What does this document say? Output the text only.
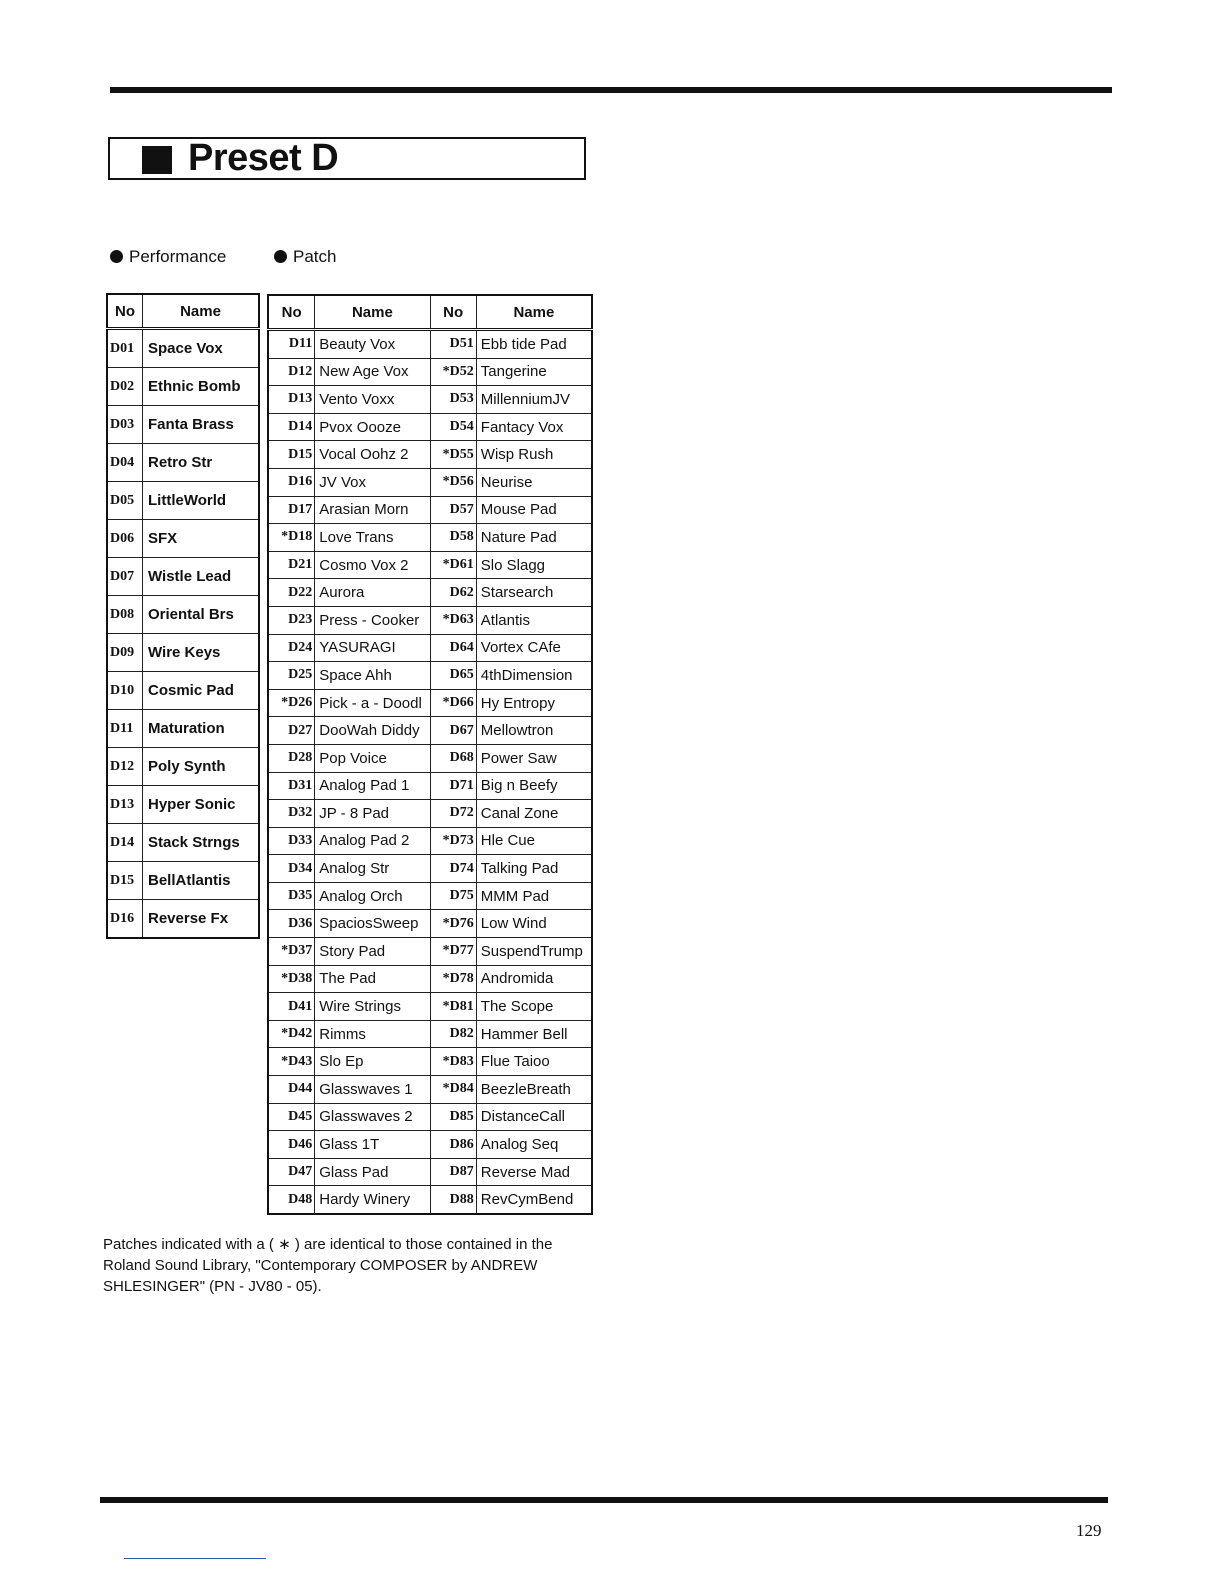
Preset D
Performance	Patch
No	Name
D01	Space Vox
D02	Ethnic Bomb
D03	Fanta Brass
D04	Retro Str
D05	LittleWorld
D06	SFX
D07	Wistle Lead
D08	Oriental Brs
D09	Wire Keys
D10	Cosmic Pad
D11	Maturation
D12	Poly Synth
D13	Hyper Sonic
D14	Stack Strngs
D15	BellAtlantis
D16	Reverse Fx
No	Name	No	Name
D11	Beauty Vox	D51	Ebb tide Pad
D12	New Age Vox	*D52	Tangerine
D13	Vento Voxx	D53	MillenniumJV
D14	Pvox Oooze	D54	Fantacy Vox
D15	Vocal Oohz 2	*D55	Wisp Rush
D16	JV Vox	*D56	Neurise
D17	Arasian Morn	D57	Mouse Pad
*D18	Love Trans	D58	Nature Pad
D21	Cosmo Vox 2	*D61	Slo Slagg
D22	Aurora	D62	Starsearch
D23	Press - Cooker	*D63	Atlantis
D24	YASURAGI	D64	Vortex CAfe
D25	Space Ahh	D65	4thDimension
*D26	Pick - a - Doodl	*D66	Hy Entropy
D27	DooWah Diddy	D67	Mellowtron
D28	Pop Voice	D68	Power Saw
D31	Analog Pad 1	D71	Big n Beefy
D32	JP - 8 Pad	D72	Canal Zone
D33	Analog Pad 2	*D73	Hle Cue
D34	Analog Str	D74	Talking Pad
D35	Analog Orch	D75	MMM Pad
D36	SpaciosSweep	*D76	Low Wind
*D37	Story Pad	*D77	SuspendTrump
*D38	The Pad	*D78	Andromida
D41	Wire Strings	*D81	The Scope
*D42	Rimms	D82	Hammer Bell
*D43	Slo Ep	*D83	Flue Taioo
D44	Glasswaves 1	*D84	BeezleBreath
D45	Glasswaves 2	D85	DistanceCall
D46	Glass 1T	D86	Analog Seq
D47	Glass Pad	D87	Reverse Mad
D48	Hardy Winery	D88	RevCymBend
Patches indicated with a ( ∗ ) are identical to those contained in the Roland Sound Library, "Contemporary COMPOSER by ANDREW SHLESINGER" (PN - JV80 - 05).
129
